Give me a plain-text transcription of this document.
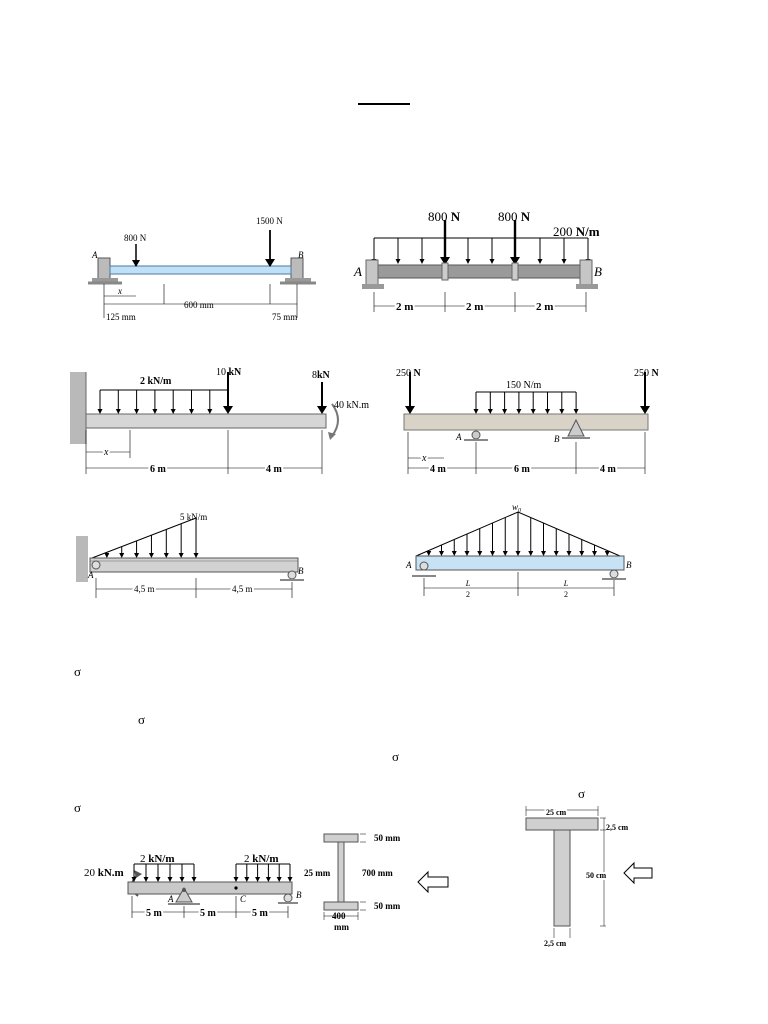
800 N
1500 N
A	B
x
125 mm
600 mm
75 mm
800 N	800 N
200 N/m
A	B
2 m	2 m	2 m
2 kN/m
10 kN	8kN
40 kN.m
x
6 m	4 m
250 N	250 N
150 N/m
A	B
x
4 m	6 m	4 m
5 kN/m
A	B
4,5 m	4,5 m
$w_0$
A	B
L
2
L
2
σ
σ
σ
σ
σ
20 kN.m
2 kN/m	2 kN/m
A	C	B
5 m	5 m	5 m
50 mm
25 mm	700 mm
50 mm
400
mm
25 cm
2,5 cm
50 cm
2,5 cm
